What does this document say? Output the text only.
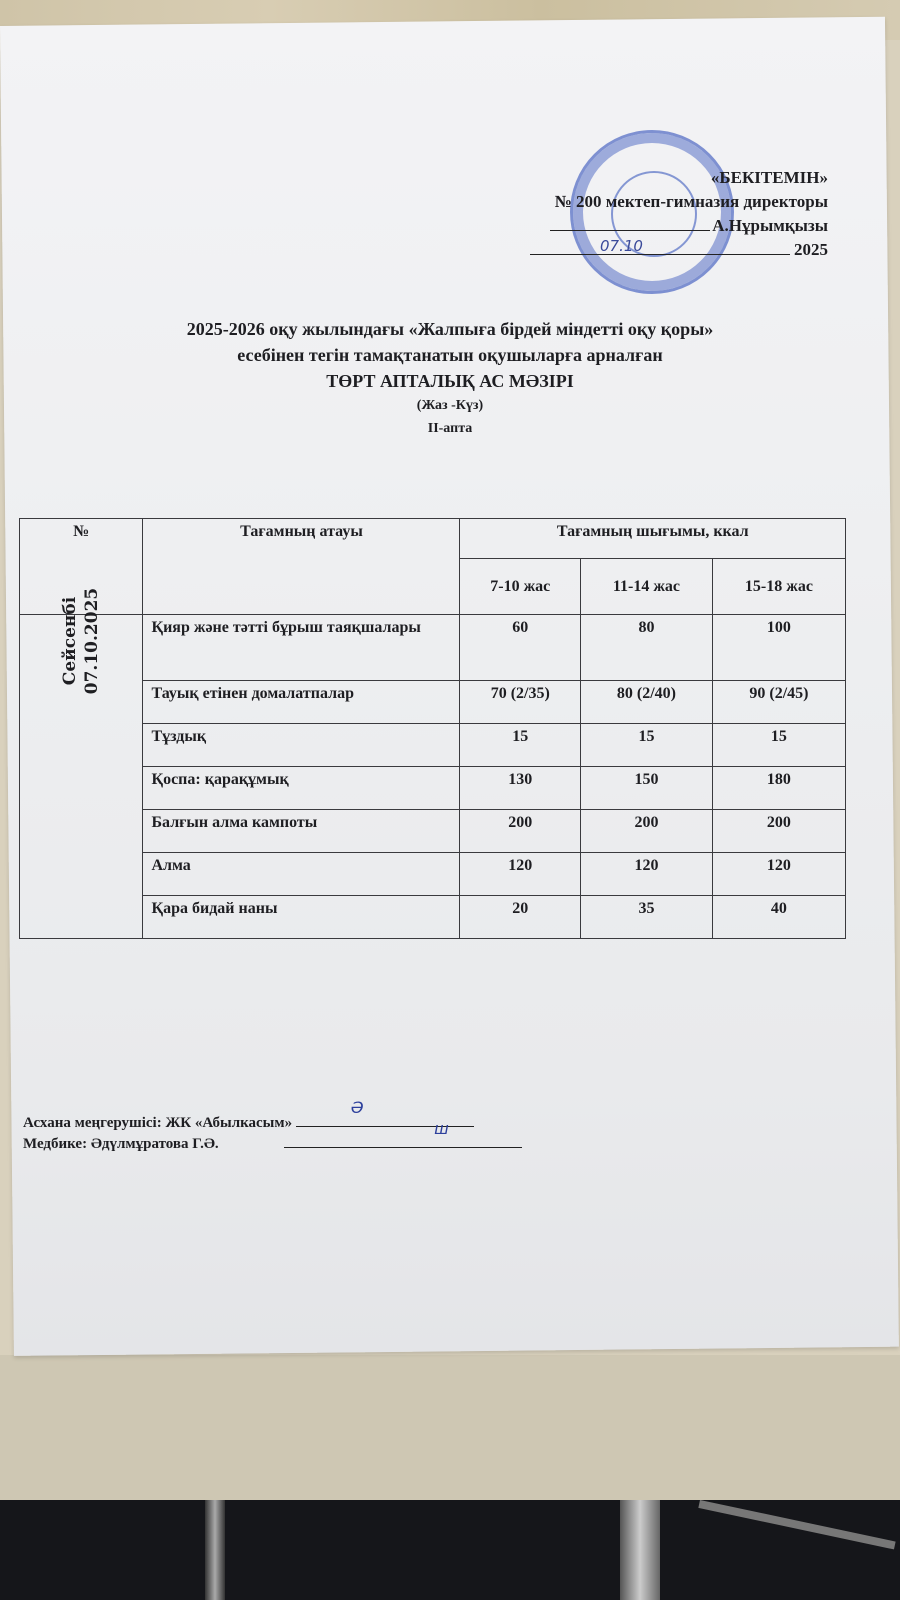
«БЕКІТЕМІН»
№ 200 мектеп-гимназия директоры
А.Нұрымқызы
07.10	2025
2025-2026 оқу жылындағы «Жалпыға бірдей міндетті оқу қоры»
есебінен тегін тамақтанатын оқушыларға арналған
ТӨРТ АПТАЛЫҚ АС МӘЗІРІ
(Жаз -Күз)
ІІ-апта
№	Тағамның атауы	Тағамның шығымы, ккал		
		7-10 жас	11-14 жас	15-18 жас

Сейсенбі 07.10.2025	Қияр және тәтті бұрыш таяқшалары	60	80	100
	Тауық етінен домалатпалар	70 (2/35)	80 (2/40)	90 (2/45)
	Тұздық	15	15	15
	Қоспа: қарақұмық	130	150	180
	Балғын алма кампоты	200	200	200
	Алма	120	120	120
	Қара бидай наны	20	35	40
Асхана меңгерушісі: ЖК «Абылкасым»
Ә
Медбике: Әдүлмұратова Г.Ә.
ш
